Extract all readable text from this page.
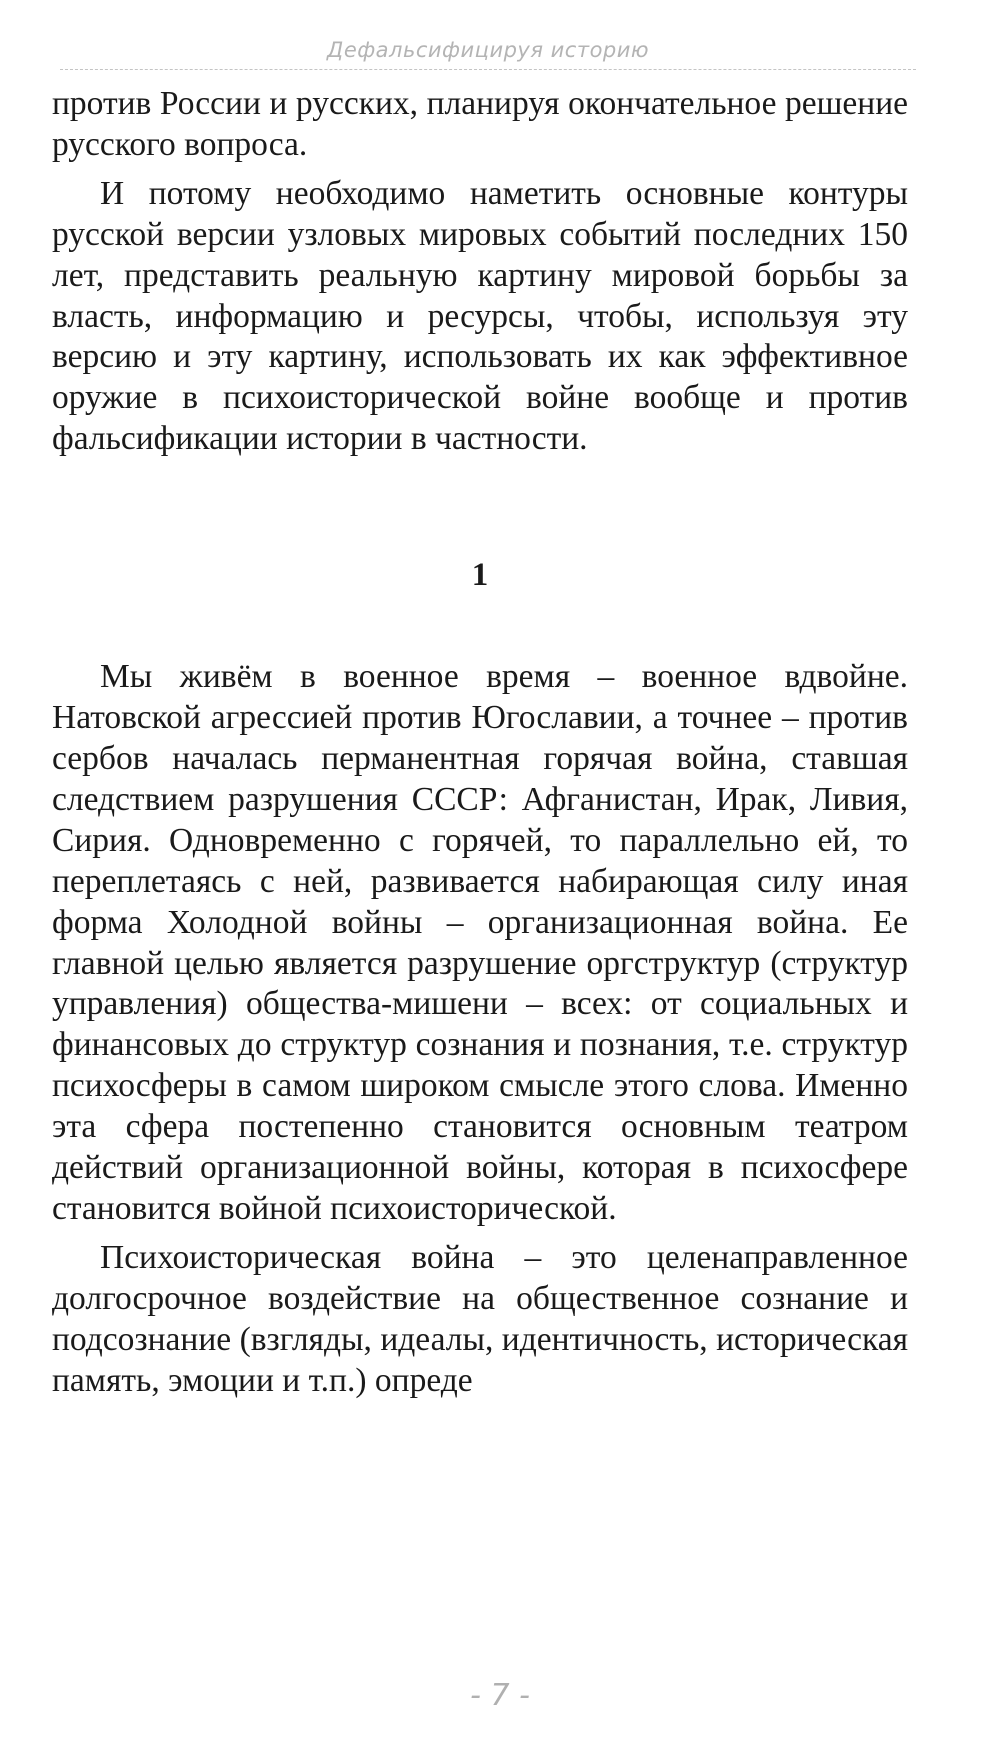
Дефальсифицируя историю

против России и русских, планируя окончательное решение русского вопроса.

И потому необходимо наметить основные контуры русской версии узловых мировых событий последних 150 лет, представить реальную картину мировой борьбы за власть, информацию и ресурсы, чтобы, используя эту версию и эту картину, использовать их как эффективное оружие в психоисторической войне вообще и против фальсификации истории в частности.

1

Мы живём в военное время – военное вдвойне. Натовской агрессией против Югославии, а точнее – против сербов началась перманентная горячая война, ставшая следствием разрушения СССР: Афганистан, Ирак, Ливия, Сирия. Одновременно с горячей, то параллельно ей, то переплетаясь с ней, развивается набирающая силу иная форма Холодной войны – организационная война. Ее главной целью является разрушение оргструктур (структур управления) общества-мишени – всех: от социальных и финансовых до структур сознания и познания, т.е. структур психосферы в самом широком смысле этого слова. Именно эта сфера постепенно становится основным театром действий организационной войны, которая в психосфере становится войной психоисторической.

Психоисторическая война – это целенаправленное долгосрочное воздействие на общественное сознание и подсознание (взгляды, идеалы, идентичность, историческая память, эмоции и т.п.) опреде

- 7 -
